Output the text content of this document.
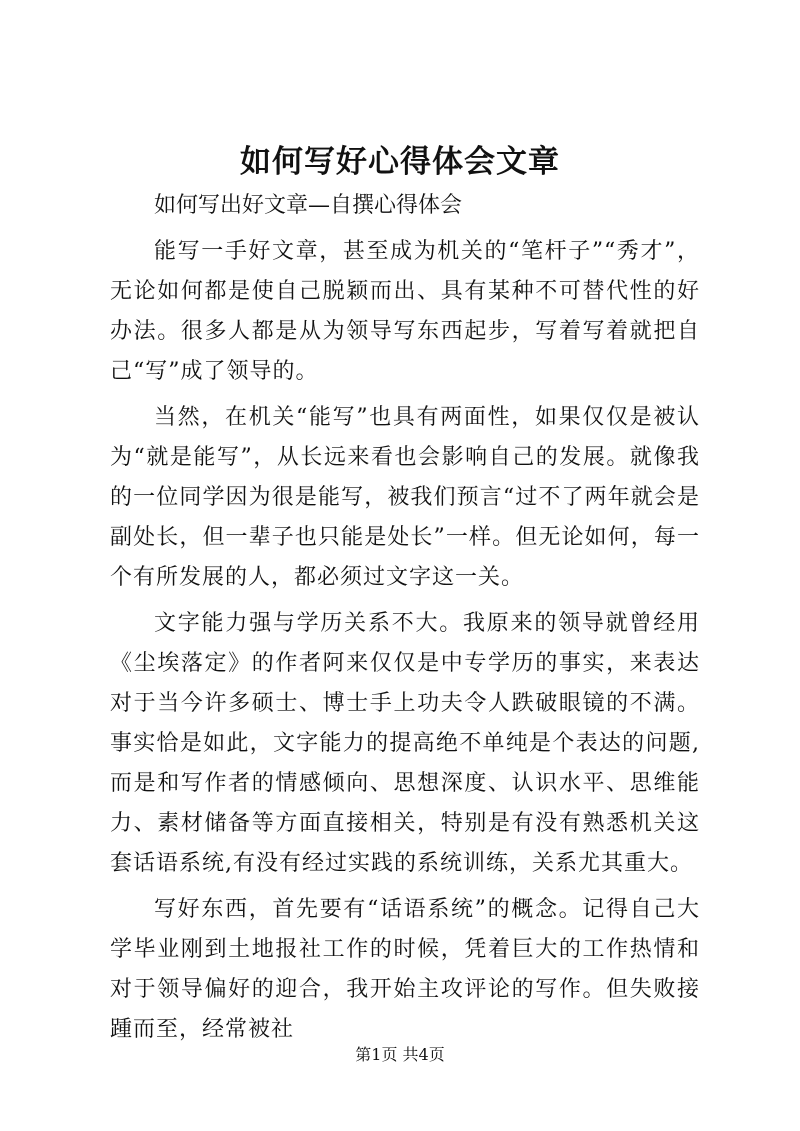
如何写好心得体会文章

如何写出好文章—自撰心得体会

能写一手好文章，甚至成为机关的“笔杆子”“秀才”，无论如何都是使自己脱颖而出、具有某种不可替代性的好办法。很多人都是从为领导写东西起步，写着写着就把自己“写”成了领导的。

当然，在机关“能写”也具有两面性，如果仅仅是被认为“就是能写”，从长远来看也会影响自己的发展。就像我的一位同学因为很是能写，被我们预言“过不了两年就会是副处长，但一辈子也只能是处长”一样。但无论如何，每一个有所发展的人，都必须过文字这一关。

文字能力强与学历关系不大。我原来的领导就曾经用《尘埃落定》的作者阿来仅仅是中专学历的事实，来表达对于当今许多硕士、博士手上功夫令人跌破眼镜的不满。事实恰是如此，文字能力的提高绝不单纯是个表达的问题,而是和写作者的情感倾向、思想深度、认识水平、思维能力、素材储备等方面直接相关，特别是有没有熟悉机关这套话语系统,有没有经过实践的系统训练，关系尤其重大。

写好东西，首先要有“话语系统”的概念。记得自己大学毕业刚到土地报社工作的时候，凭着巨大的工作热情和对于领导偏好的迎合，我开始主攻评论的写作。但失败接踵而至，经常被社

第1页 共4页
